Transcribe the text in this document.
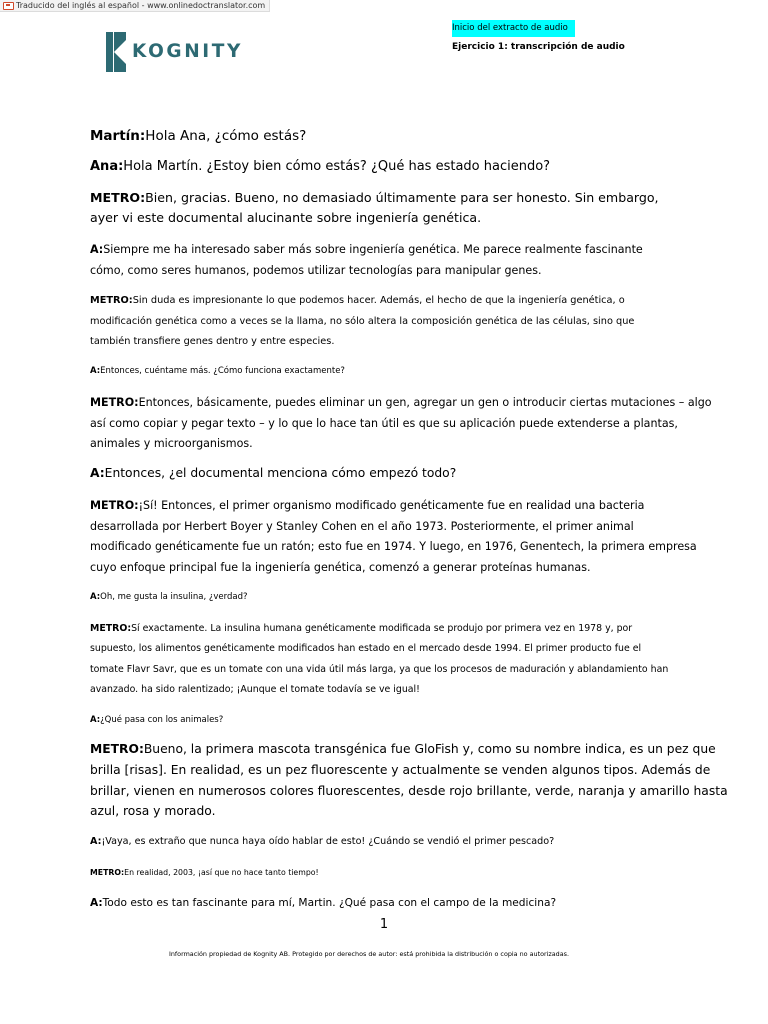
Traducido del inglés al español - www.onlinedoctranslator.com
KOGNITY
Inicio del extracto de audio
Ejercicio 1: transcripción de audio
Martín:Hola Ana, ¿cómo estás?
Ana:Hola Martín. ¿Estoy bien cómo estás? ¿Qué has estado haciendo?
METRO:Bien, gracias. Bueno, no demasiado últimamente para ser honesto. Sin embargo,
ayer vi este documental alucinante sobre ingeniería genética.
A:Siempre me ha interesado saber más sobre ingeniería genética. Me parece realmente fascinante
cómo, como seres humanos, podemos utilizar tecnologías para manipular genes.
METRO:Sin duda es impresionante lo que podemos hacer. Además, el hecho de que la ingeniería genética, o
modificación genética como a veces se la llama, no sólo altera la composición genética de las células, sino que
también transfiere genes dentro y entre especies.
A:Entonces, cuéntame más. ¿Cómo funciona exactamente?
METRO:Entonces, básicamente, puedes eliminar un gen, agregar un gen o introducir ciertas mutaciones – algo
así como copiar y pegar texto – y lo que lo hace tan útil es que su aplicación puede extenderse a plantas,
animales y microorganismos.
A:Entonces, ¿el documental menciona cómo empezó todo?
METRO:¡Sí! Entonces, el primer organismo modificado genéticamente fue en realidad una bacteria
desarrollada por Herbert Boyer y Stanley Cohen en el año 1973. Posteriormente, el primer animal
modificado genéticamente fue un ratón; esto fue en 1974. Y luego, en 1976, Genentech, la primera empresa
cuyo enfoque principal fue la ingeniería genética, comenzó a generar proteínas humanas.
A:Oh, me gusta la insulina, ¿verdad?
METRO:Sí exactamente. La insulina humana genéticamente modificada se produjo por primera vez en 1978 y, por
supuesto, los alimentos genéticamente modificados han estado en el mercado desde 1994. El primer producto fue el
tomate Flavr Savr, que es un tomate con una vida útil más larga, ya que los procesos de maduración y ablandamiento han
avanzado. ha sido ralentizado; ¡Aunque el tomate todavía se ve igual!
A:¿Qué pasa con los animales?
METRO:Bueno, la primera mascota transgénica fue GloFish y, como su nombre indica, es un pez que
brilla [risas]. En realidad, es un pez fluorescente y actualmente se venden algunos tipos. Además de
brillar, vienen en numerosos colores fluorescentes, desde rojo brillante, verde, naranja y amarillo hasta
azul, rosa y morado.
A:¡Vaya, es extraño que nunca haya oído hablar de esto! ¿Cuándo se vendió el primer pescado?
METRO:En realidad, 2003, ¡así que no hace tanto tiempo!
A:Todo esto es tan fascinante para mí, Martin. ¿Qué pasa con el campo de la medicina?
1
Información propiedad de Kognity AB. Protegido por derechos de autor: está prohibida la distribución o copia no autorizadas.
